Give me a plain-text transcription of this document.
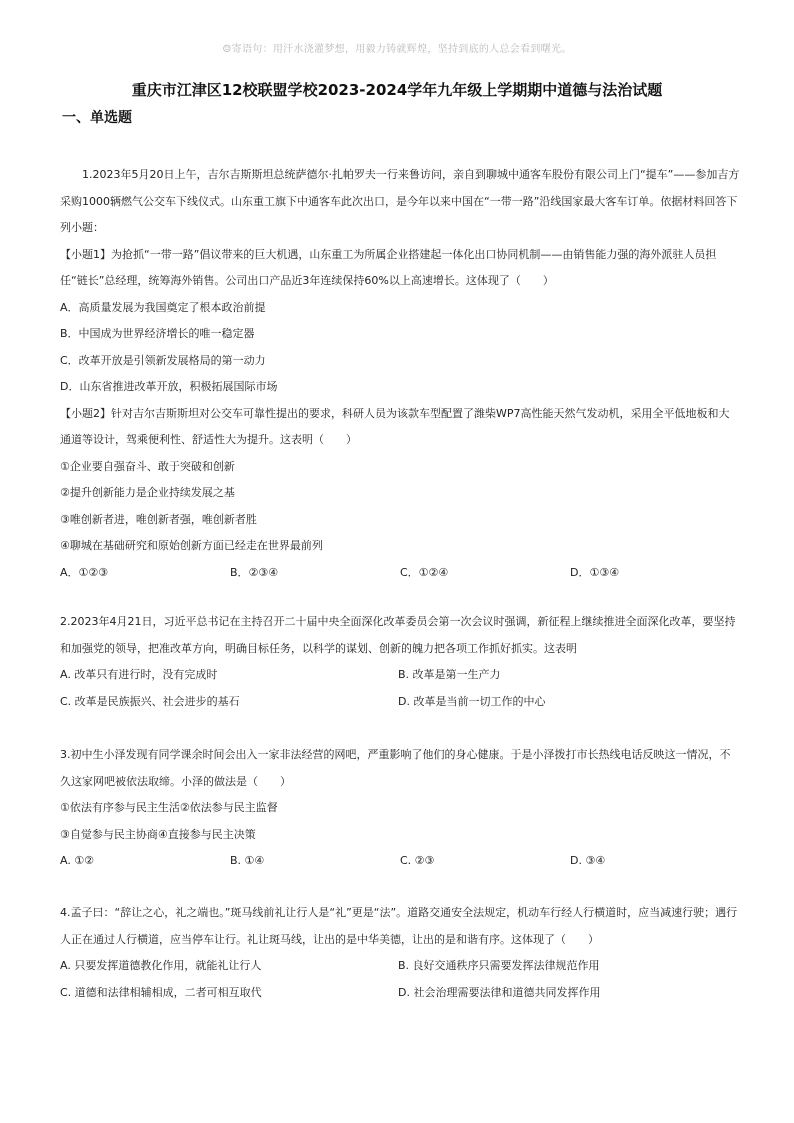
☺寄语句：用汗水浇灌梦想，用毅力铸就辉煌，坚持到底的人总会看到曙光。
重庆市江津区12校联盟学校2023-2024学年九年级上学期期中道德与法治试题
一、单选题

1.2023年5月20日上午，吉尔吉斯斯坦总统萨德尔·扎帕罗夫一行来鲁访问，亲自到聊城中通客车股份有限公司上门“提车”——参加吉方采购1000辆燃气公交车下线仪式。山东重工旗下中通客车此次出口，是今年以来中国在“一带一路”沿线国家最大客车订单。依据材料回答下列小题：

【小题1】为抢抓“一带一路”倡议带来的巨大机遇，山东重工为所属企业搭建起一体化出口协同机制——由销售能力强的海外派驻人员担任“链长”总经理，统筹海外销售。公司出口产品近3年连续保持60%以上高速增长。这体现了（　　）

A．高质量发展为我国奠定了根本政治前提

B．中国成为世界经济增长的唯一稳定器

C．改革开放是引领新发展格局的第一动力

D．山东省推进改革开放，积极拓展国际市场

【小题2】针对吉尔吉斯斯坦对公交车可靠性提出的要求，科研人员为该款车型配置了潍柴WP7高性能天然气发动机，采用全平低地板和大通道等设计，驾乘便利性、舒适性大为提升。这表明（　　）

①企业要自强奋斗、敢于突破和创新

②提升创新能力是企业持续发展之基

③唯创新者进，唯创新者强，唯创新者胜

④聊城在基础研究和原始创新方面已经走在世界最前列

A．①②③	B．②③④	C．①②④	D．①③④

2.2023年4月21日，习近平总书记在主持召开二十届中央全面深化改革委员会第一次会议时强调，新征程上继续推进全面深化改革，要坚持和加强党的领导，把准改革方向，明确目标任务，以科学的谋划、创新的魄力把各项工作抓好抓实。这表明

A. 改革只有进行时，没有完成时	B. 改革是第一生产力
C. 改革是民族振兴、社会进步的基石	D. 改革是当前一切工作的中心

3.初中生小泽发现有同学课余时间会出入一家非法经营的网吧，严重影响了他们的身心健康。于是小泽拨打市长热线电话反映这一情况，不久这家网吧被依法取缔。小泽的做法是（　　）

①依法有序参与民主生活②依法参与民主监督

③自觉参与民主协商④直接参与民主决策

A. ①②	B. ①④	C. ②③	D. ③④

4.孟子曰：“辞让之心，礼之端也。”斑马线前礼让行人是“礼”更是“法”。道路交通安全法规定，机动车行经人行横道时，应当减速行驶；遇行人正在通过人行横道，应当停车让行。礼让斑马线，让出的是中华美德，让出的是和谐有序。这体现了（　　）

A. 只要发挥道德教化作用，就能礼让行人	B. 良好交通秩序只需要发挥法律规范作用
C. 道德和法律相辅相成，二者可相互取代	D. 社会治理需要法律和道德共同发挥作用
